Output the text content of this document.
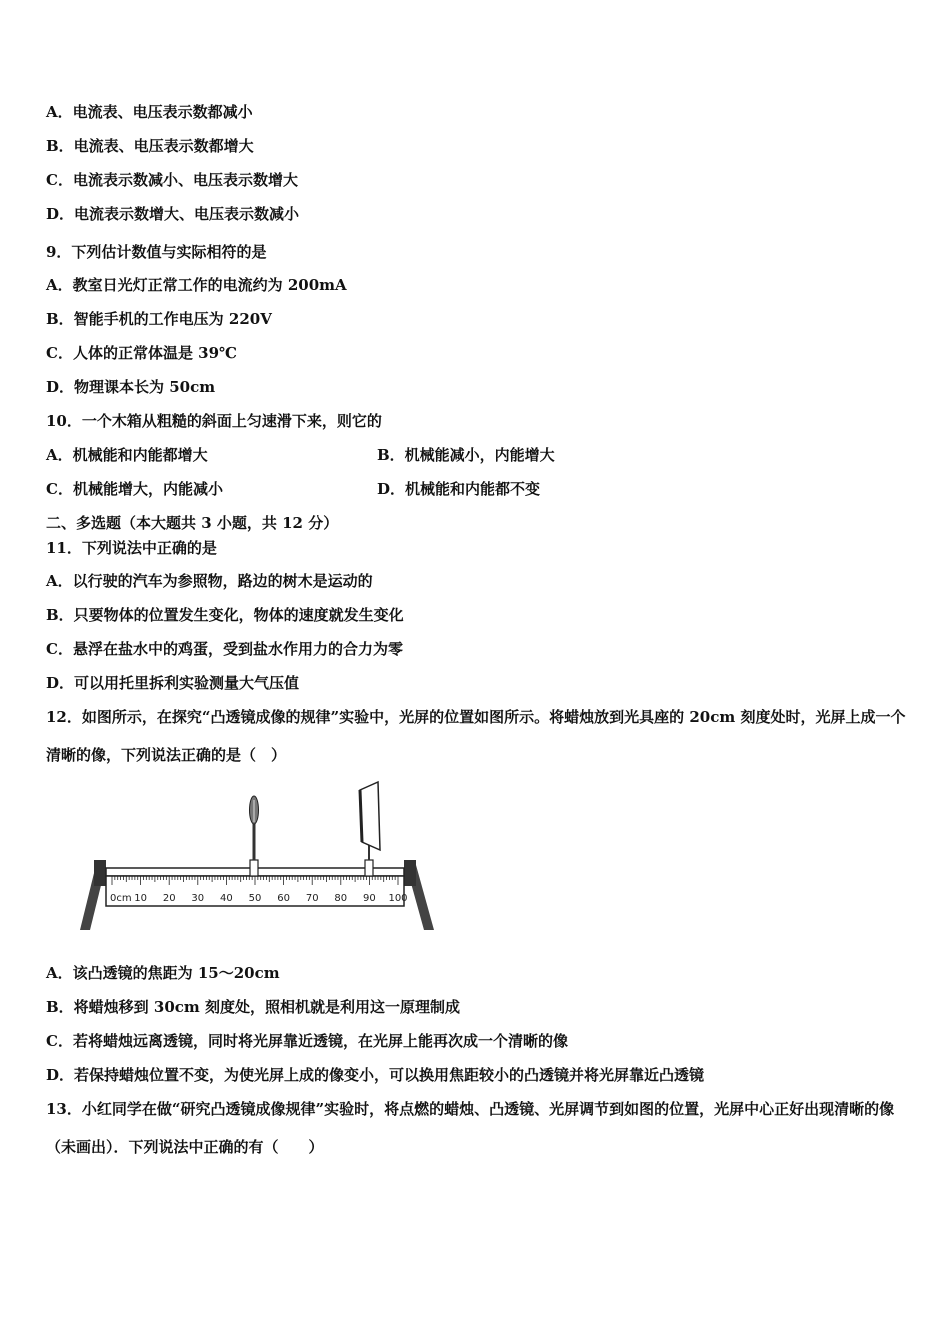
A．电流表、电压表示数都减小
B．电流表、电压表示数都增大
C．电流表示数减小、电压表示数增大
D．电流表示数增大、电压表示数减小
9．下列估计数值与实际相符的是
A．教室日光灯正常工作的电流约为 200mA
B．智能手机的工作电压为 220V
C．人体的正常体温是 39℃
D．物理课本长为 50cm
10．一个木箱从粗糙的斜面上匀速滑下来，则它的
A．机械能和内能都增大	B．机械能减小，内能增大
C．机械能增大，内能减小	D．机械能和内能都不变
二、多选题（本大题共 3 小题，共 12 分）
11．下列说法中正确的是
A．以行驶的汽车为参照物，路边的树木是运动的
B．只要物体的位置发生变化，物体的速度就发生变化
C．悬浮在盐水中的鸡蛋，受到盐水作用力的合力为零
D．可以用托里拆利实验测量大气压值
12．如图所示，在探究“凸透镜成像的规律”实验中，光屏的位置如图所示。将蜡烛放到光具座的 20cm 刻度处时，光屏上成一个清晰的像，下列说法正确的是（　）
0cm 10 20 30 40 50 60 70 80 90 100
A．该凸透镜的焦距为 15～20cm
B．将蜡烛移到 30cm 刻度处，照相机就是利用这一原理制成
C．若将蜡烛远离透镜，同时将光屏靠近透镜，在光屏上能再次成一个清晰的像
D．若保持蜡烛位置不变，为使光屏上成的像变小，可以换用焦距较小的凸透镜并将光屏靠近凸透镜
13．小红同学在做“研究凸透镜成像规律”实验时，将点燃的蜡烛、凸透镜、光屏调节到如图的位置，光屏中心正好出现清晰的像（未画出）．下列说法中正确的有（　　）
